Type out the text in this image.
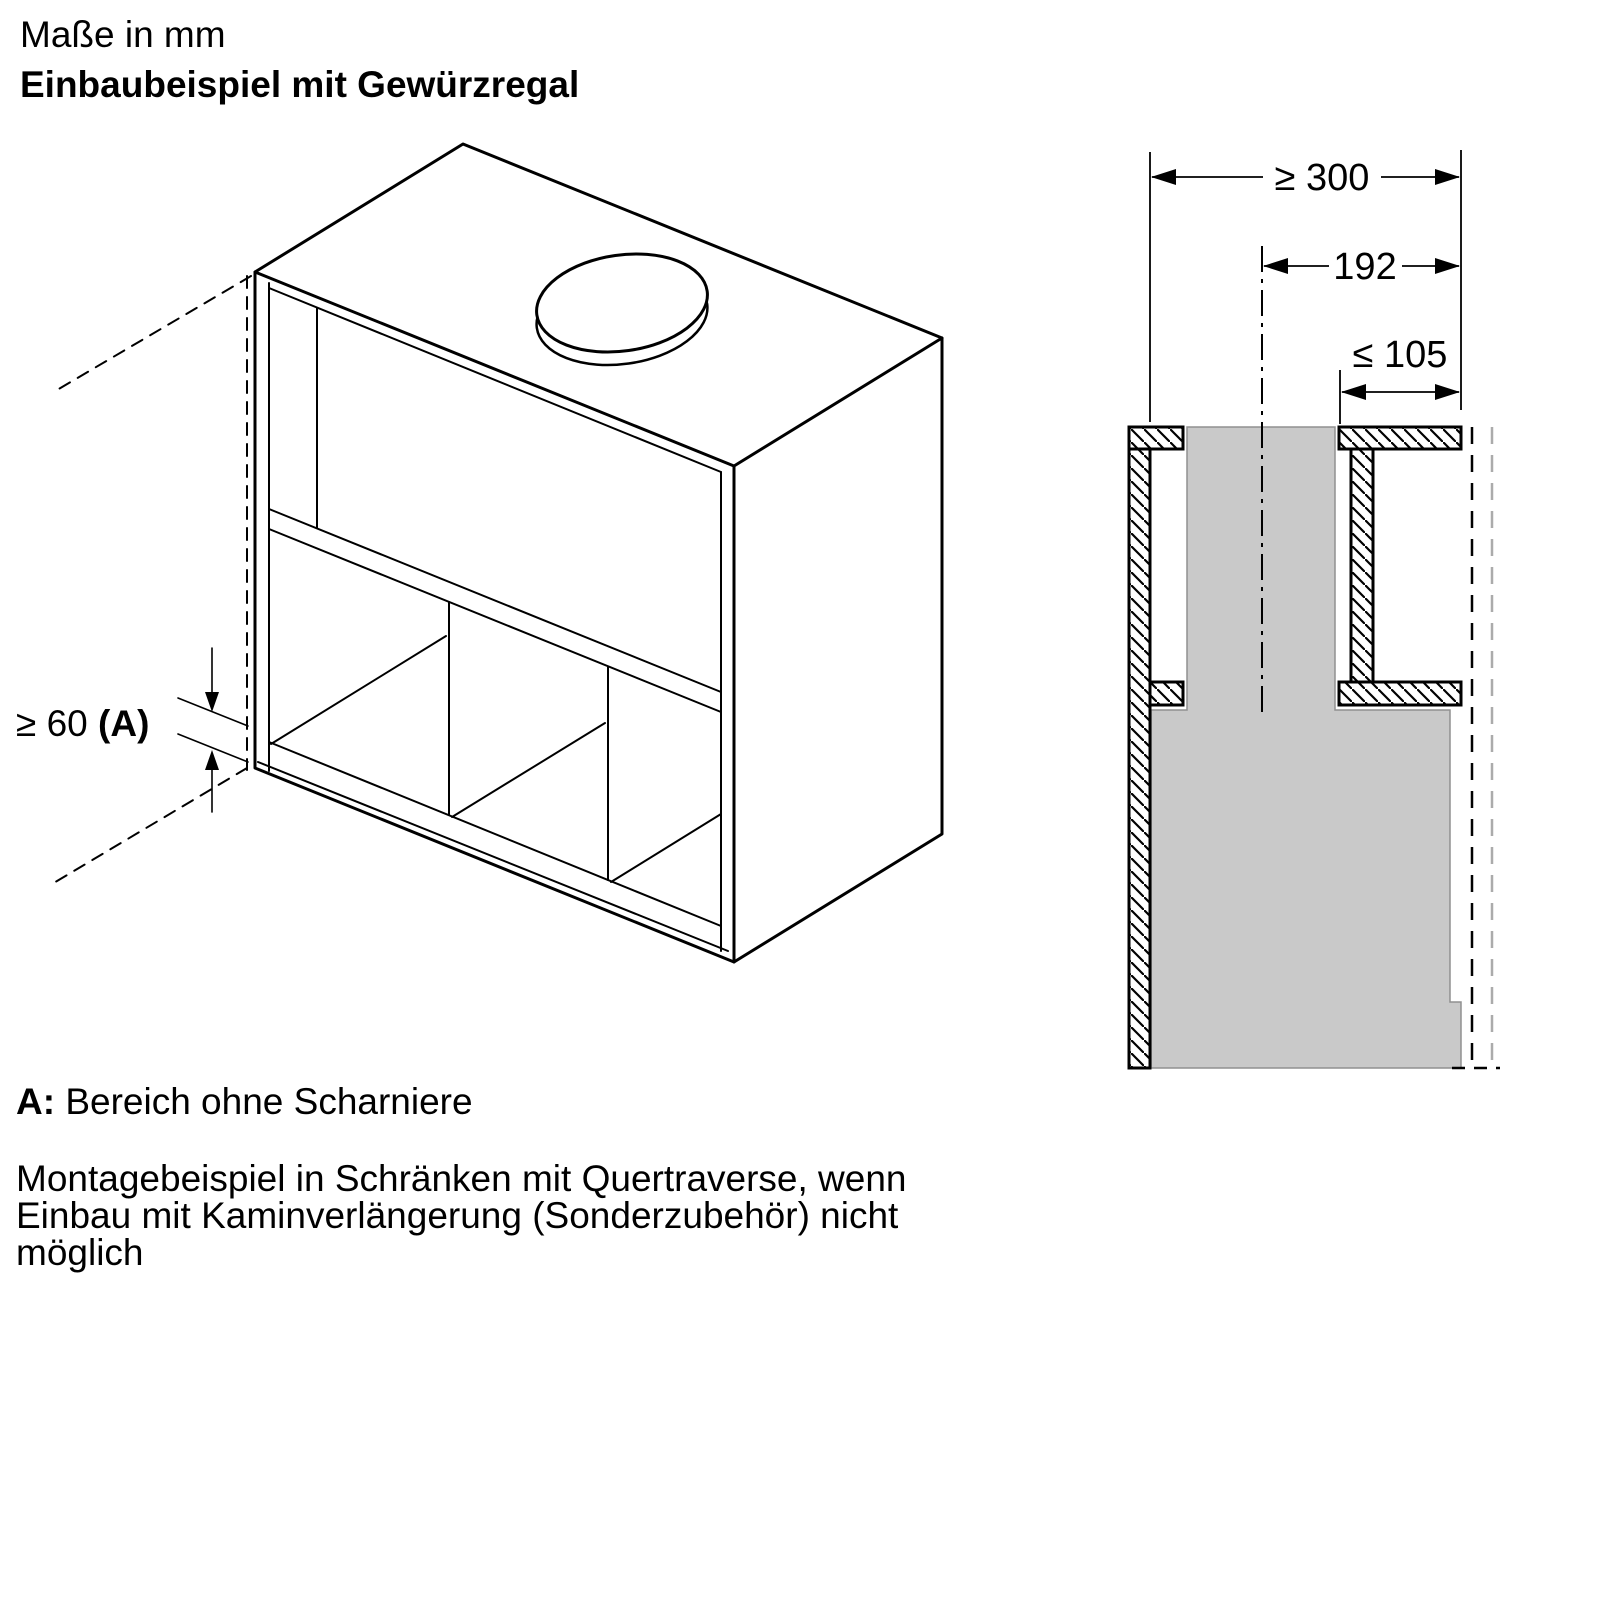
Maße in mm
Einbaubeispiel mit Gewürzregal
≥ 60 (A)
≥ 300
192
≤ 105
A: Bereich ohne Scharniere
Montagebeispiel in Schränken mit Quertraverse, wenn Einbau mit Kaminverlängerung (Sonderzubehör) nicht möglich
